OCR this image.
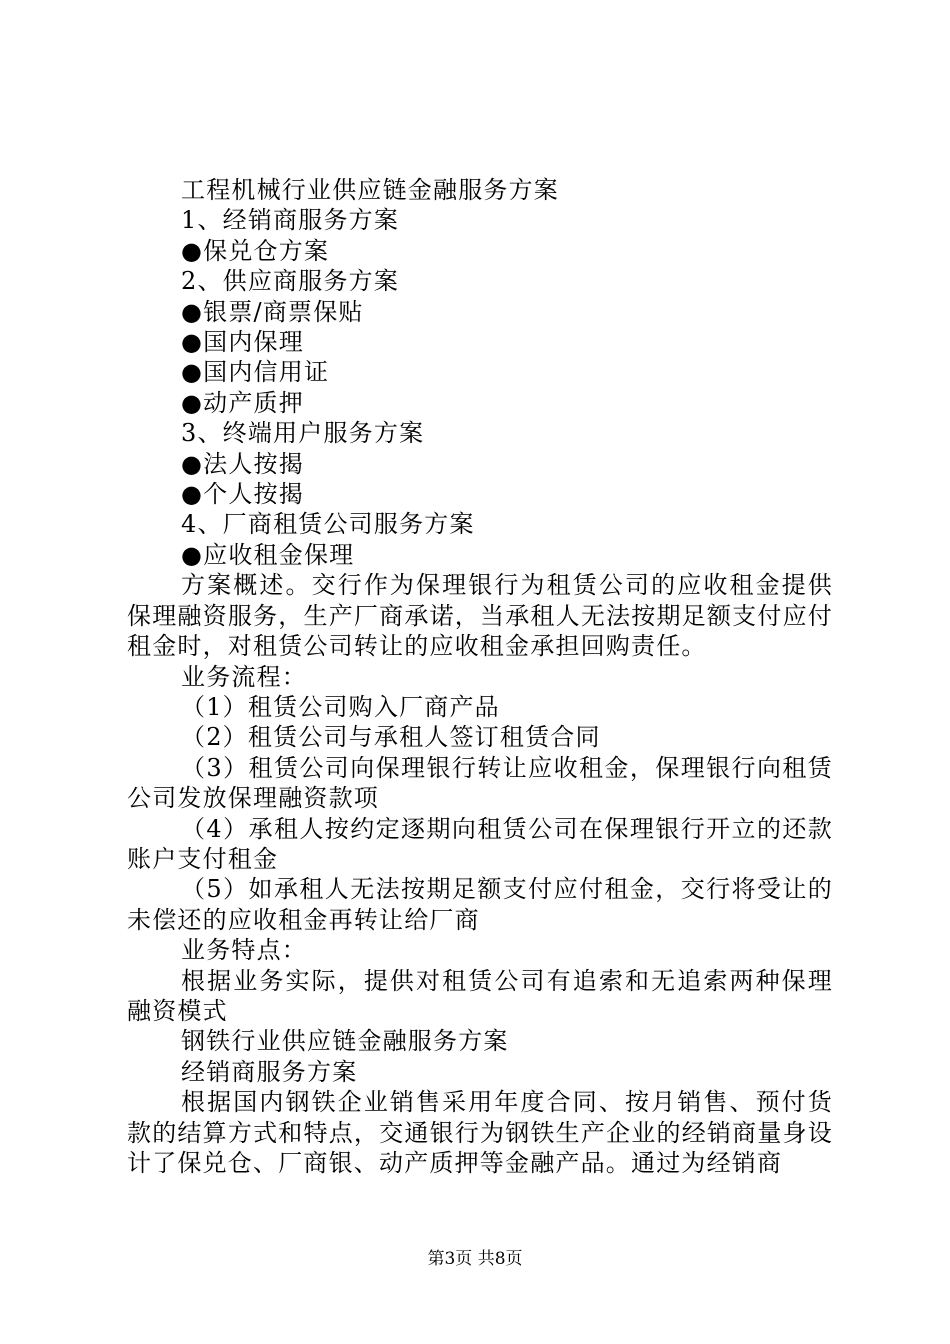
工程机械行业供应链金融服务方案

1、经销商服务方案

●保兑仓方案

2、供应商服务方案

●银票/商票保贴

●国内保理

●国内信用证

●动产质押

3、终端用户服务方案

●法人按揭

●个人按揭

4、厂商租赁公司服务方案

●应收租金保理

方案概述。交行作为保理银行为租赁公司的应收租金提供保理融资服务，生产厂商承诺，当承租人无法按期足额支付应付租金时，对租赁公司转让的应收租金承担回购责任。

业务流程：

（1）租赁公司购入厂商产品

（2）租赁公司与承租人签订租赁合同

（3）租赁公司向保理银行转让应收租金，保理银行向租赁公司发放保理融资款项

（4）承租人按约定逐期向租赁公司在保理银行开立的还款账户支付租金

（5）如承租人无法按期足额支付应付租金，交行将受让的未偿还的应收租金再转让给厂商

业务特点：

根据业务实际，提供对租赁公司有追索和无追索两种保理融资模式

钢铁行业供应链金融服务方案

经销商服务方案

根据国内钢铁企业销售采用年度合同、按月销售、预付货款的结算方式和特点，交通银行为钢铁生产企业的经销商量身设计了保兑仓、厂商银、动产质押等金融产品。通过为经销商

第3页 共8页
